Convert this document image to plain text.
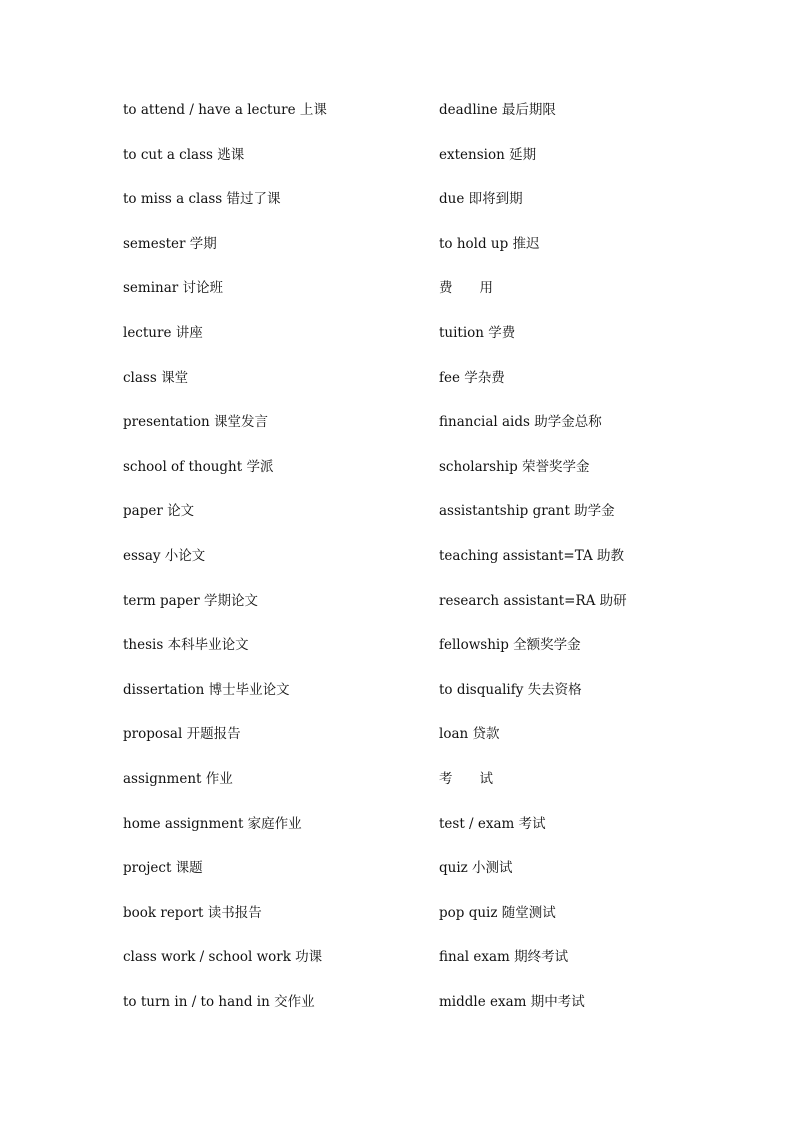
to attend / have a lecture 上课
to cut a class 逃课
to miss a class 错过了课
semester 学期
seminar 讨论班
lecture 讲座
class 课堂
presentation 课堂发言
school of thought 学派
paper 论文
essay 小论文
term paper 学期论文
thesis 本科毕业论文
dissertation 博士毕业论文
proposal 开题报告
assignment 作业
home assignment 家庭作业
project 课题
book report 读书报告
class work / school work 功课
to turn in / to hand in 交作业
deadline 最后期限
extension 延期
due 即将到期
to hold up 推迟
费　　用
tuition 学费
fee 学杂费
financial aids 助学金总称
scholarship 荣誉奖学金
assistantship grant 助学金
teaching assistant=TA 助教
research assistant=RA 助研
fellowship 全额奖学金
to disqualify 失去资格
loan 贷款
考　　试
test / exam 考试
quiz 小测试
pop quiz 随堂测试
final exam 期终考试
middle exam 期中考试
